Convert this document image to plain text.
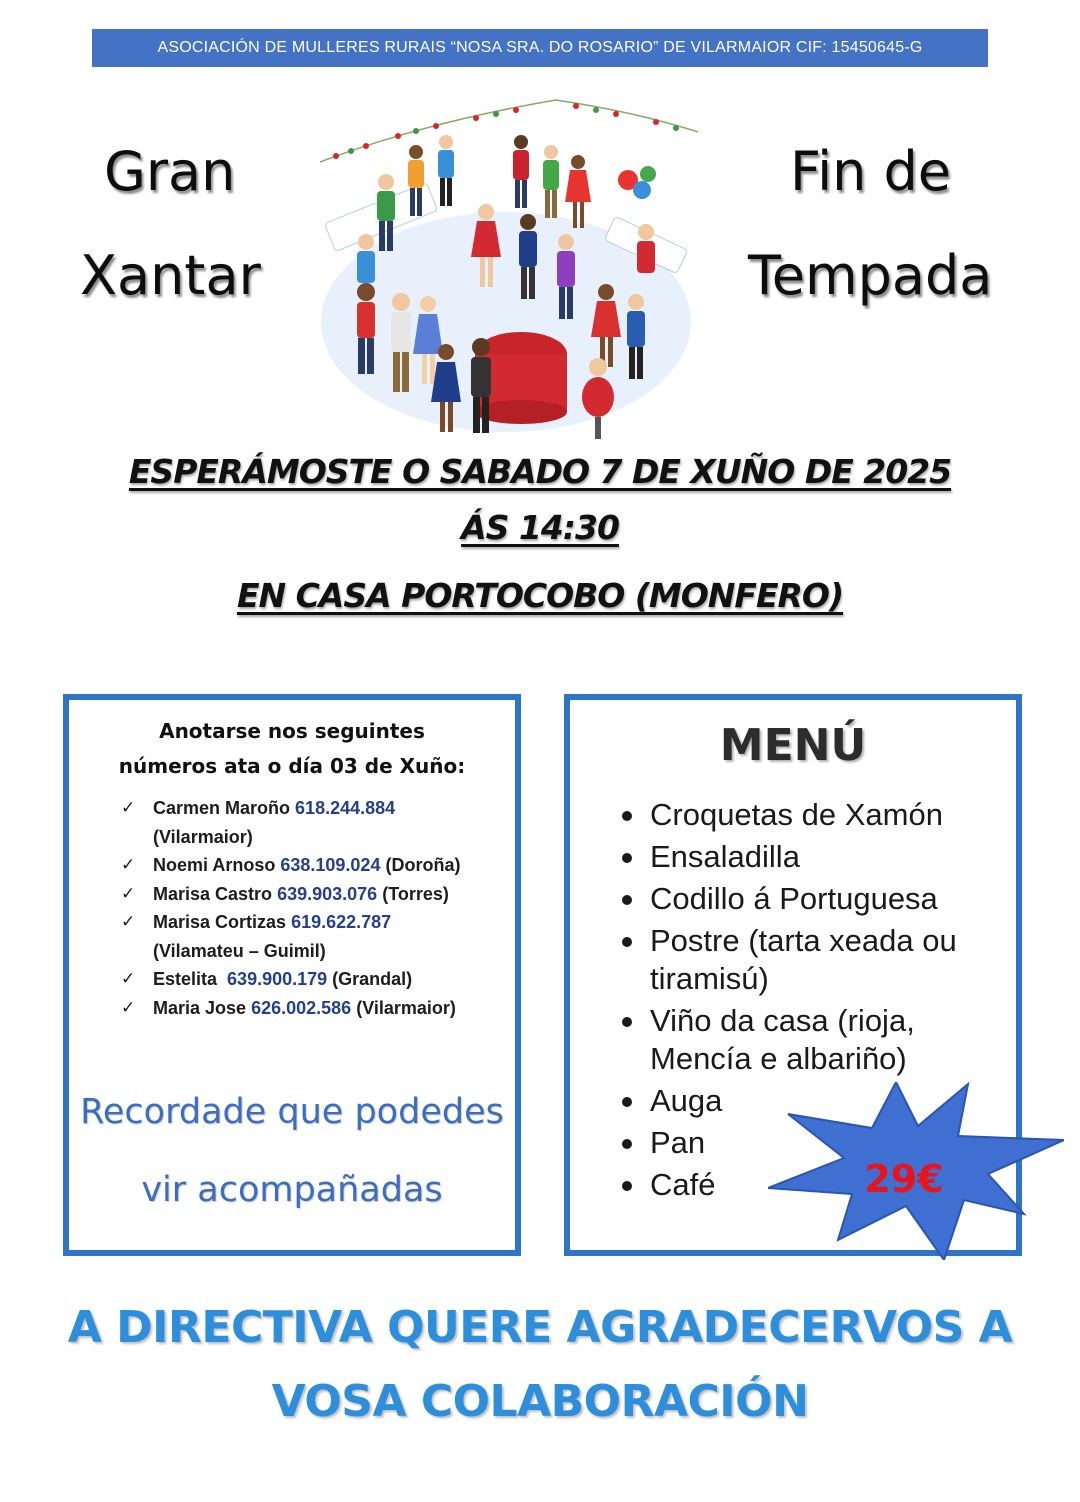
ASOCIACIÓN DE MULLERES RURAIS “NOSA SRA. DO ROSARIO” DE VILARMAIOR CIF: 15450645-G
Gran
Xantar
Fin de
Tempada
ESPERÁMOSTE O SABADO 7 DE XUÑO DE 2025
ÁS 14:30
EN CASA PORTOCOBO (MONFERO)
Anotarse nos seguintes
números ata o día 03 de Xuño:
✓ Carmen Maroño 618.244.884
(Vilarmaior)
✓ Noemi Arnoso 638.109.024 (Doroña)
✓ Marisa Castro 639.903.076 (Torres)
✓ Marisa Cortizas 619.622.787
(Vilamateu – Guimil)
✓ Estelita 639.900.179 (Grandal)
✓ Maria Jose 626.002.586 (Vilarmaior)
Recordade que podedes
vir acompañadas
MENÚ
Croquetas de Xamón
Ensaladilla
Codillo á Portuguesa
Postre (tarta xeada ou tiramisú)
Viño da casa (rioja, Mencía e albariño)
Auga
Pan
Café	29€
A DIRECTIVA QUERE AGRADECERVOS A
VOSA COLABORACIÓN
